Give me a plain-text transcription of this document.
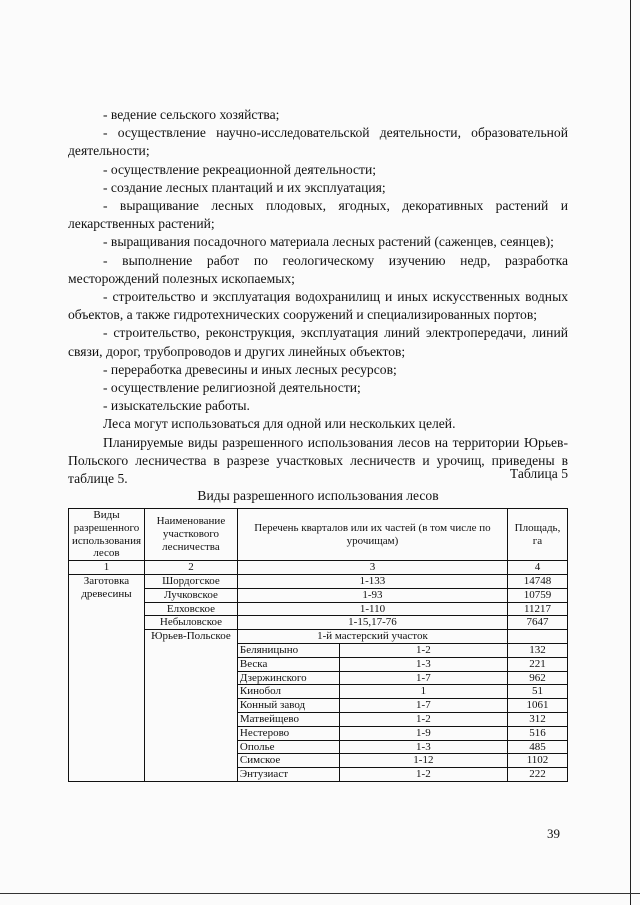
- ведение сельского хозяйства;

- осуществление научно-исследовательской деятельности, образовательной деятельности;

- осуществление рекреационной деятельности;

- создание лесных плантаций и их эксплуатация;

- выращивание лесных плодовых, ягодных, декоративных растений и лекарственных растений;

- выращивания посадочного материала лесных растений (саженцев, сеянцев);

- выполнение работ по геологическому изучению недр, разработка месторождений полезных ископаемых;

- строительство и эксплуатация водохранилищ и иных искусственных водных объектов, а также гидротехнических сооружений и специализированных портов;

- строительство, реконструкция, эксплуатация линий электропередачи, линий связи, дорог, трубопроводов и других линейных объектов;

- переработка древесины и иных лесных ресурсов;

- осуществление религиозной деятельности;

- изыскательские работы.

Леса могут использоваться для одной или нескольких целей.

Планируемые виды разрешенного использования лесов на территории Юрьев- Польского лесничества в разрезе участковых лесничеств и урочищ, приведены в таблице 5.	Таблица 5
Виды разрешенного использования лесов
Виды разрешенного использования лесов	Наименование участкового лесничества	Перечень кварталов или их частей (в том числе по урочищам)		Площадь, га
1	2	3		4
Заготовка древесины	Шордогское	1-133		14748
	Лучковское	1-93		10759
	Елховское	1-110		11217
	Небыловское	1-15,17-76		7647
	Юрьев-Польское	1-й мастерский участок		
		Беляницыно	1-2	132
		Веска	1-3	221
		Дзержинского	1-7	962
		Кинобол	1	51
		Конный завод	1-7	1061
		Матвейщево	1-2	312
		Нестерово	1-9	516
		Ополье	1-3	485
		Симское	1-12	1102
		Энтузиаст	1-2	222
39
